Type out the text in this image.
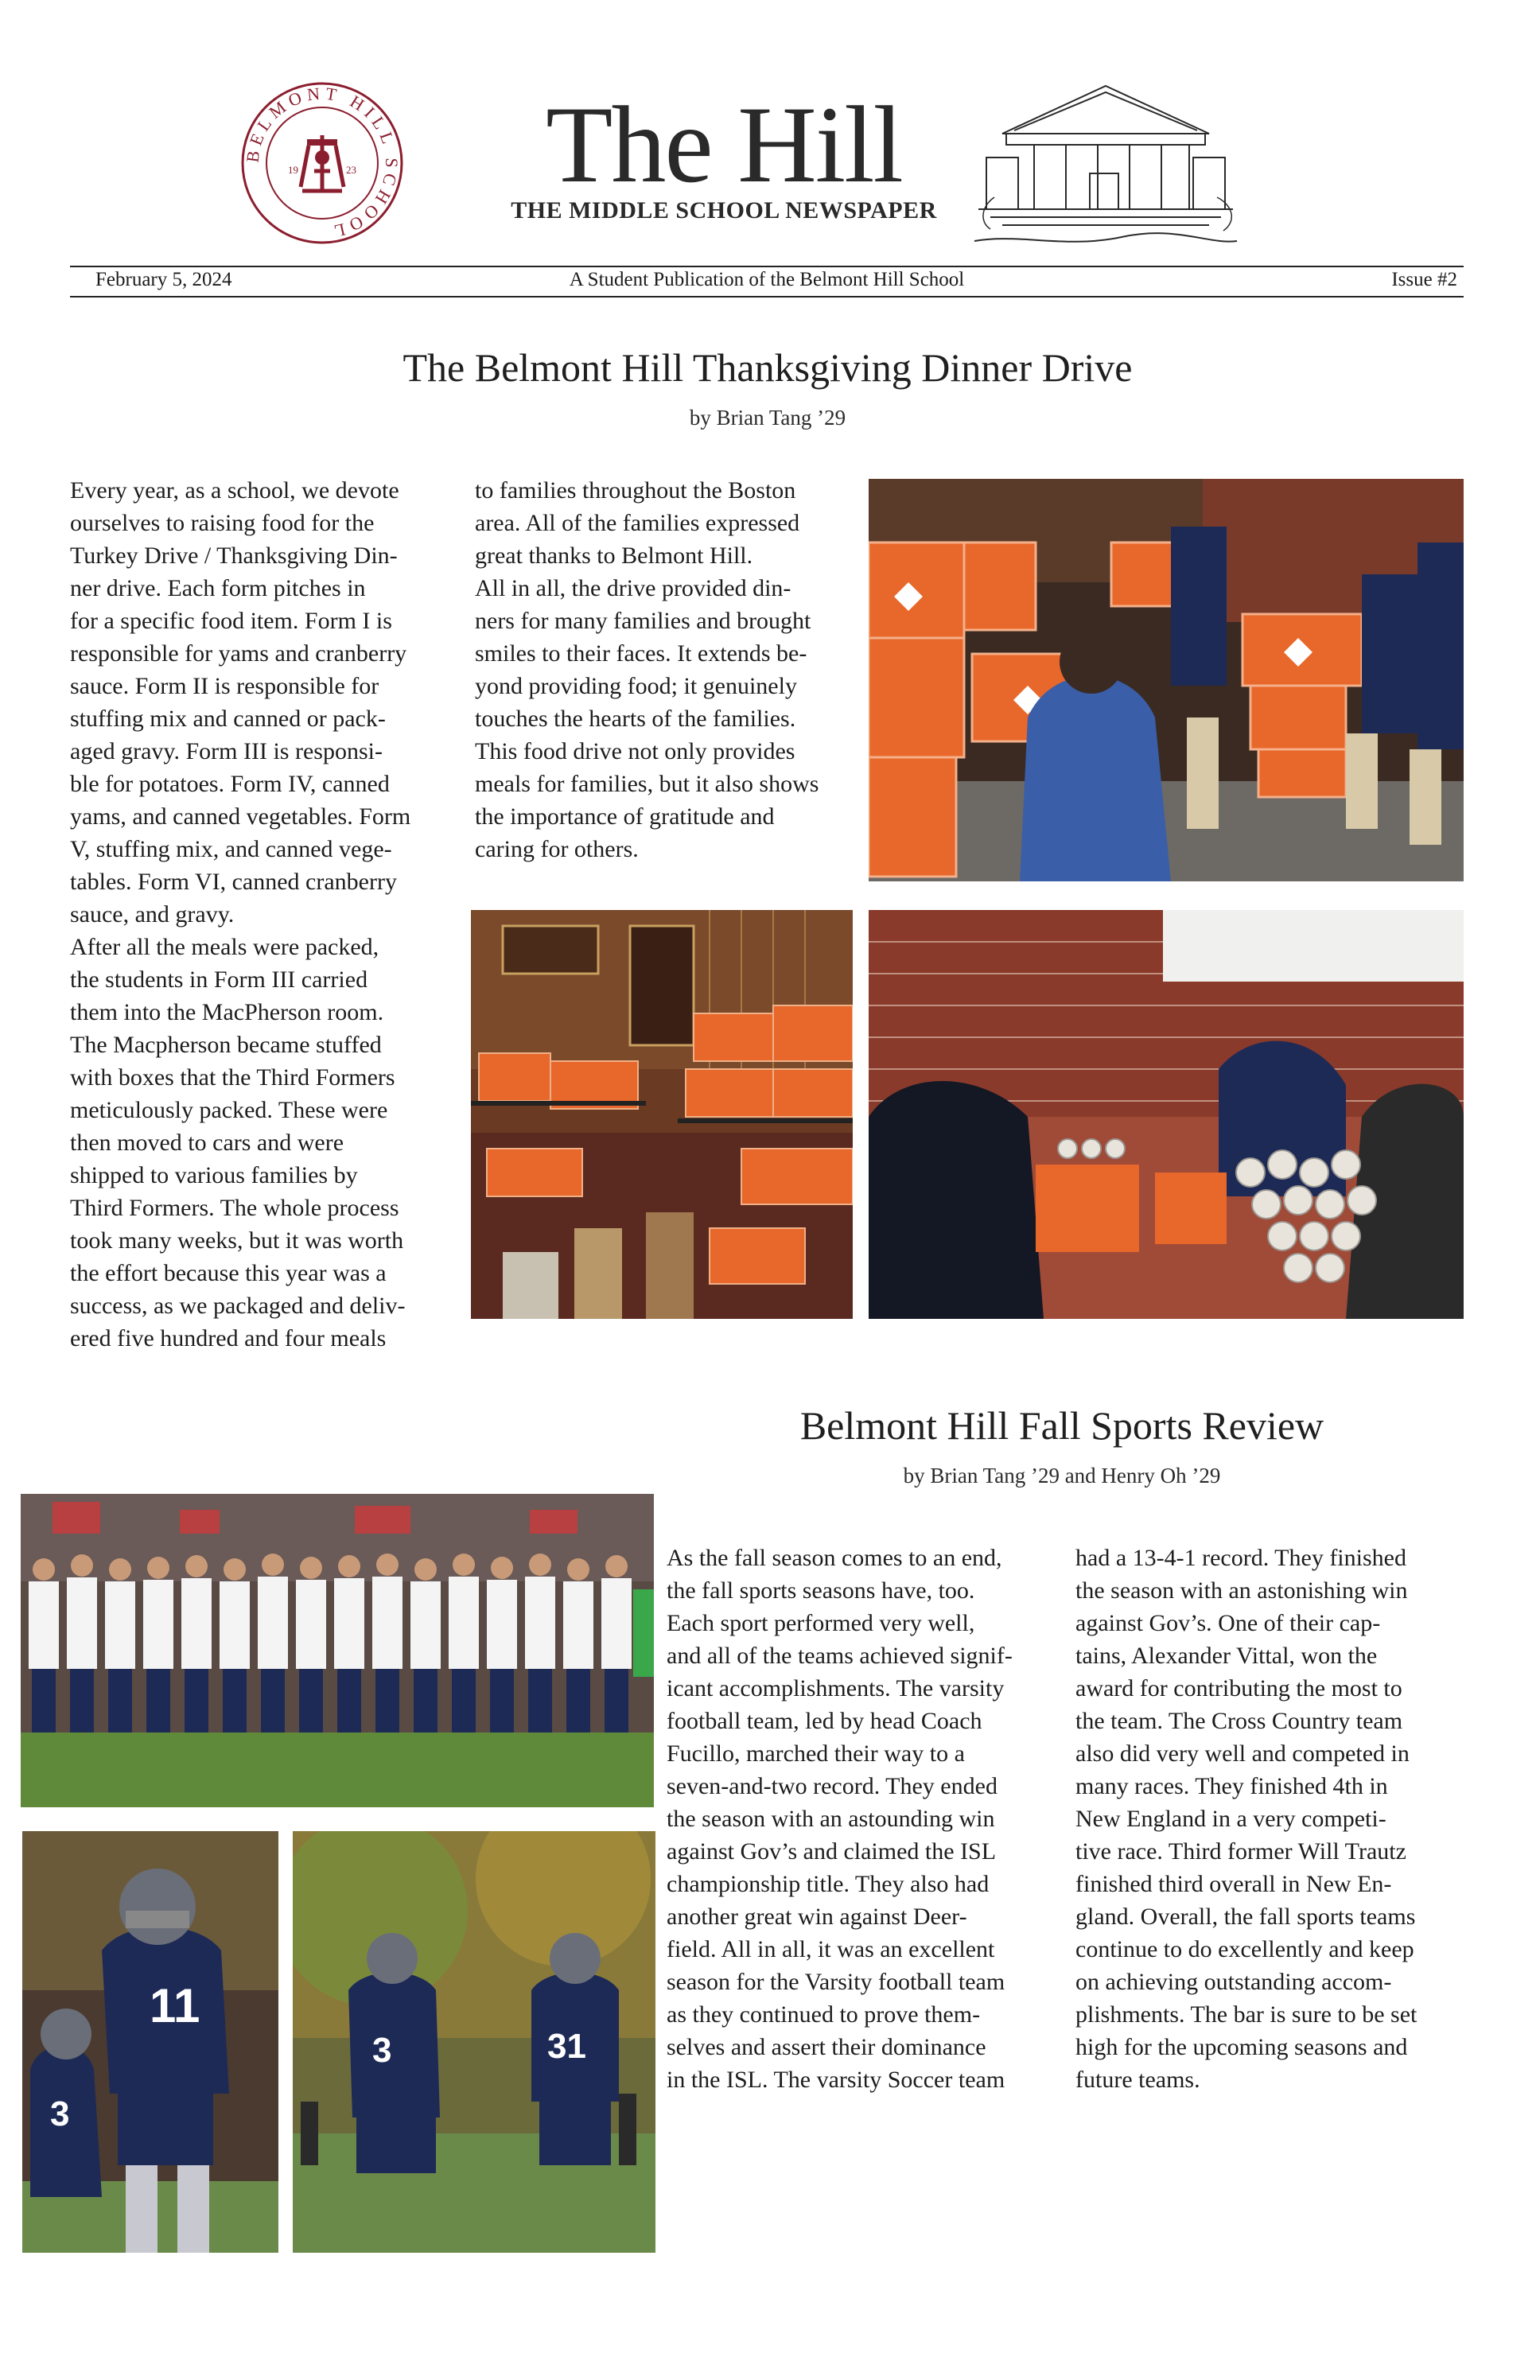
BELMONT HILL SCHOOL
19	23	The Hill
THE MIDDLE SCHOOL NEWSPAPER
February 5, 2024	A Student Publication of the Belmont Hill School	Issue #2
The Belmont Hill Thanksgiving Dinner Drive
by Brian Tang ’29
Every year, as a school, we devote
ourselves to raising food for the
Turkey Drive / Thanksgiving Din-
ner drive. Each form pitches in
for a specific food item. Form I is
responsible for yams and cranberry
sauce. Form II is responsible for
stuffing mix and canned or pack-
aged gravy. Form III is responsi-
ble for potatoes. Form IV, canned
yams, and canned vegetables. Form
V, stuffing mix, and canned vege-
tables. Form VI, canned cranberry
sauce, and gravy.
After all the meals were packed,
the students in Form III carried
them into the MacPherson room.
The Macpherson became stuffed
with boxes that the Third Formers
meticulously packed. These were
then moved to cars and were
shipped to various families by
Third Formers. The whole process
took many weeks, but it was worth
the effort because this year was a
success, as we packaged and deliv-
ered five hundred and four meals
to families throughout the Boston
area. All of the families expressed
great thanks to Belmont Hill.
All in all, the drive provided din-
ners for many families and brought
smiles to their faces. It extends be-
yond providing food; it genuinely
touches the hearts of the families.
This food drive not only provides
meals for families, but it also shows
the importance of gratitude and
caring for others.
Belmont Hill Fall Sports Review
by Brian Tang ’29 and Henry Oh ’29
11
3
3	31
As the fall season comes to an end,
the fall sports seasons have, too.
Each sport performed very well,
and all of the teams achieved signif-
icant accomplishments. The varsity
football team, led by head Coach
Fucillo, marched their way to a
seven-and-two record. They ended
the season with an astounding win
against Gov’s and claimed the ISL
championship title. They also had
another great win against Deer-
field. All in all, it was an excellent
season for the Varsity football team
as they continued to prove them-
selves and assert their dominance
in the ISL. The varsity Soccer team
had a 13-4-1 record. They finished
the season with an astonishing win
against Gov’s. One of their cap-
tains, Alexander Vittal, won the
award for contributing the most to
the team. The Cross Country team
also did very well and competed in
many races. They finished 4th in
New England in a very competi-
tive race. Third former Will Trautz
finished third overall in New En-
gland. Overall, the fall sports teams
continue to do excellently and keep
on achieving outstanding accom-
plishments. The bar is sure to be set
high for the upcoming seasons and
future teams.
